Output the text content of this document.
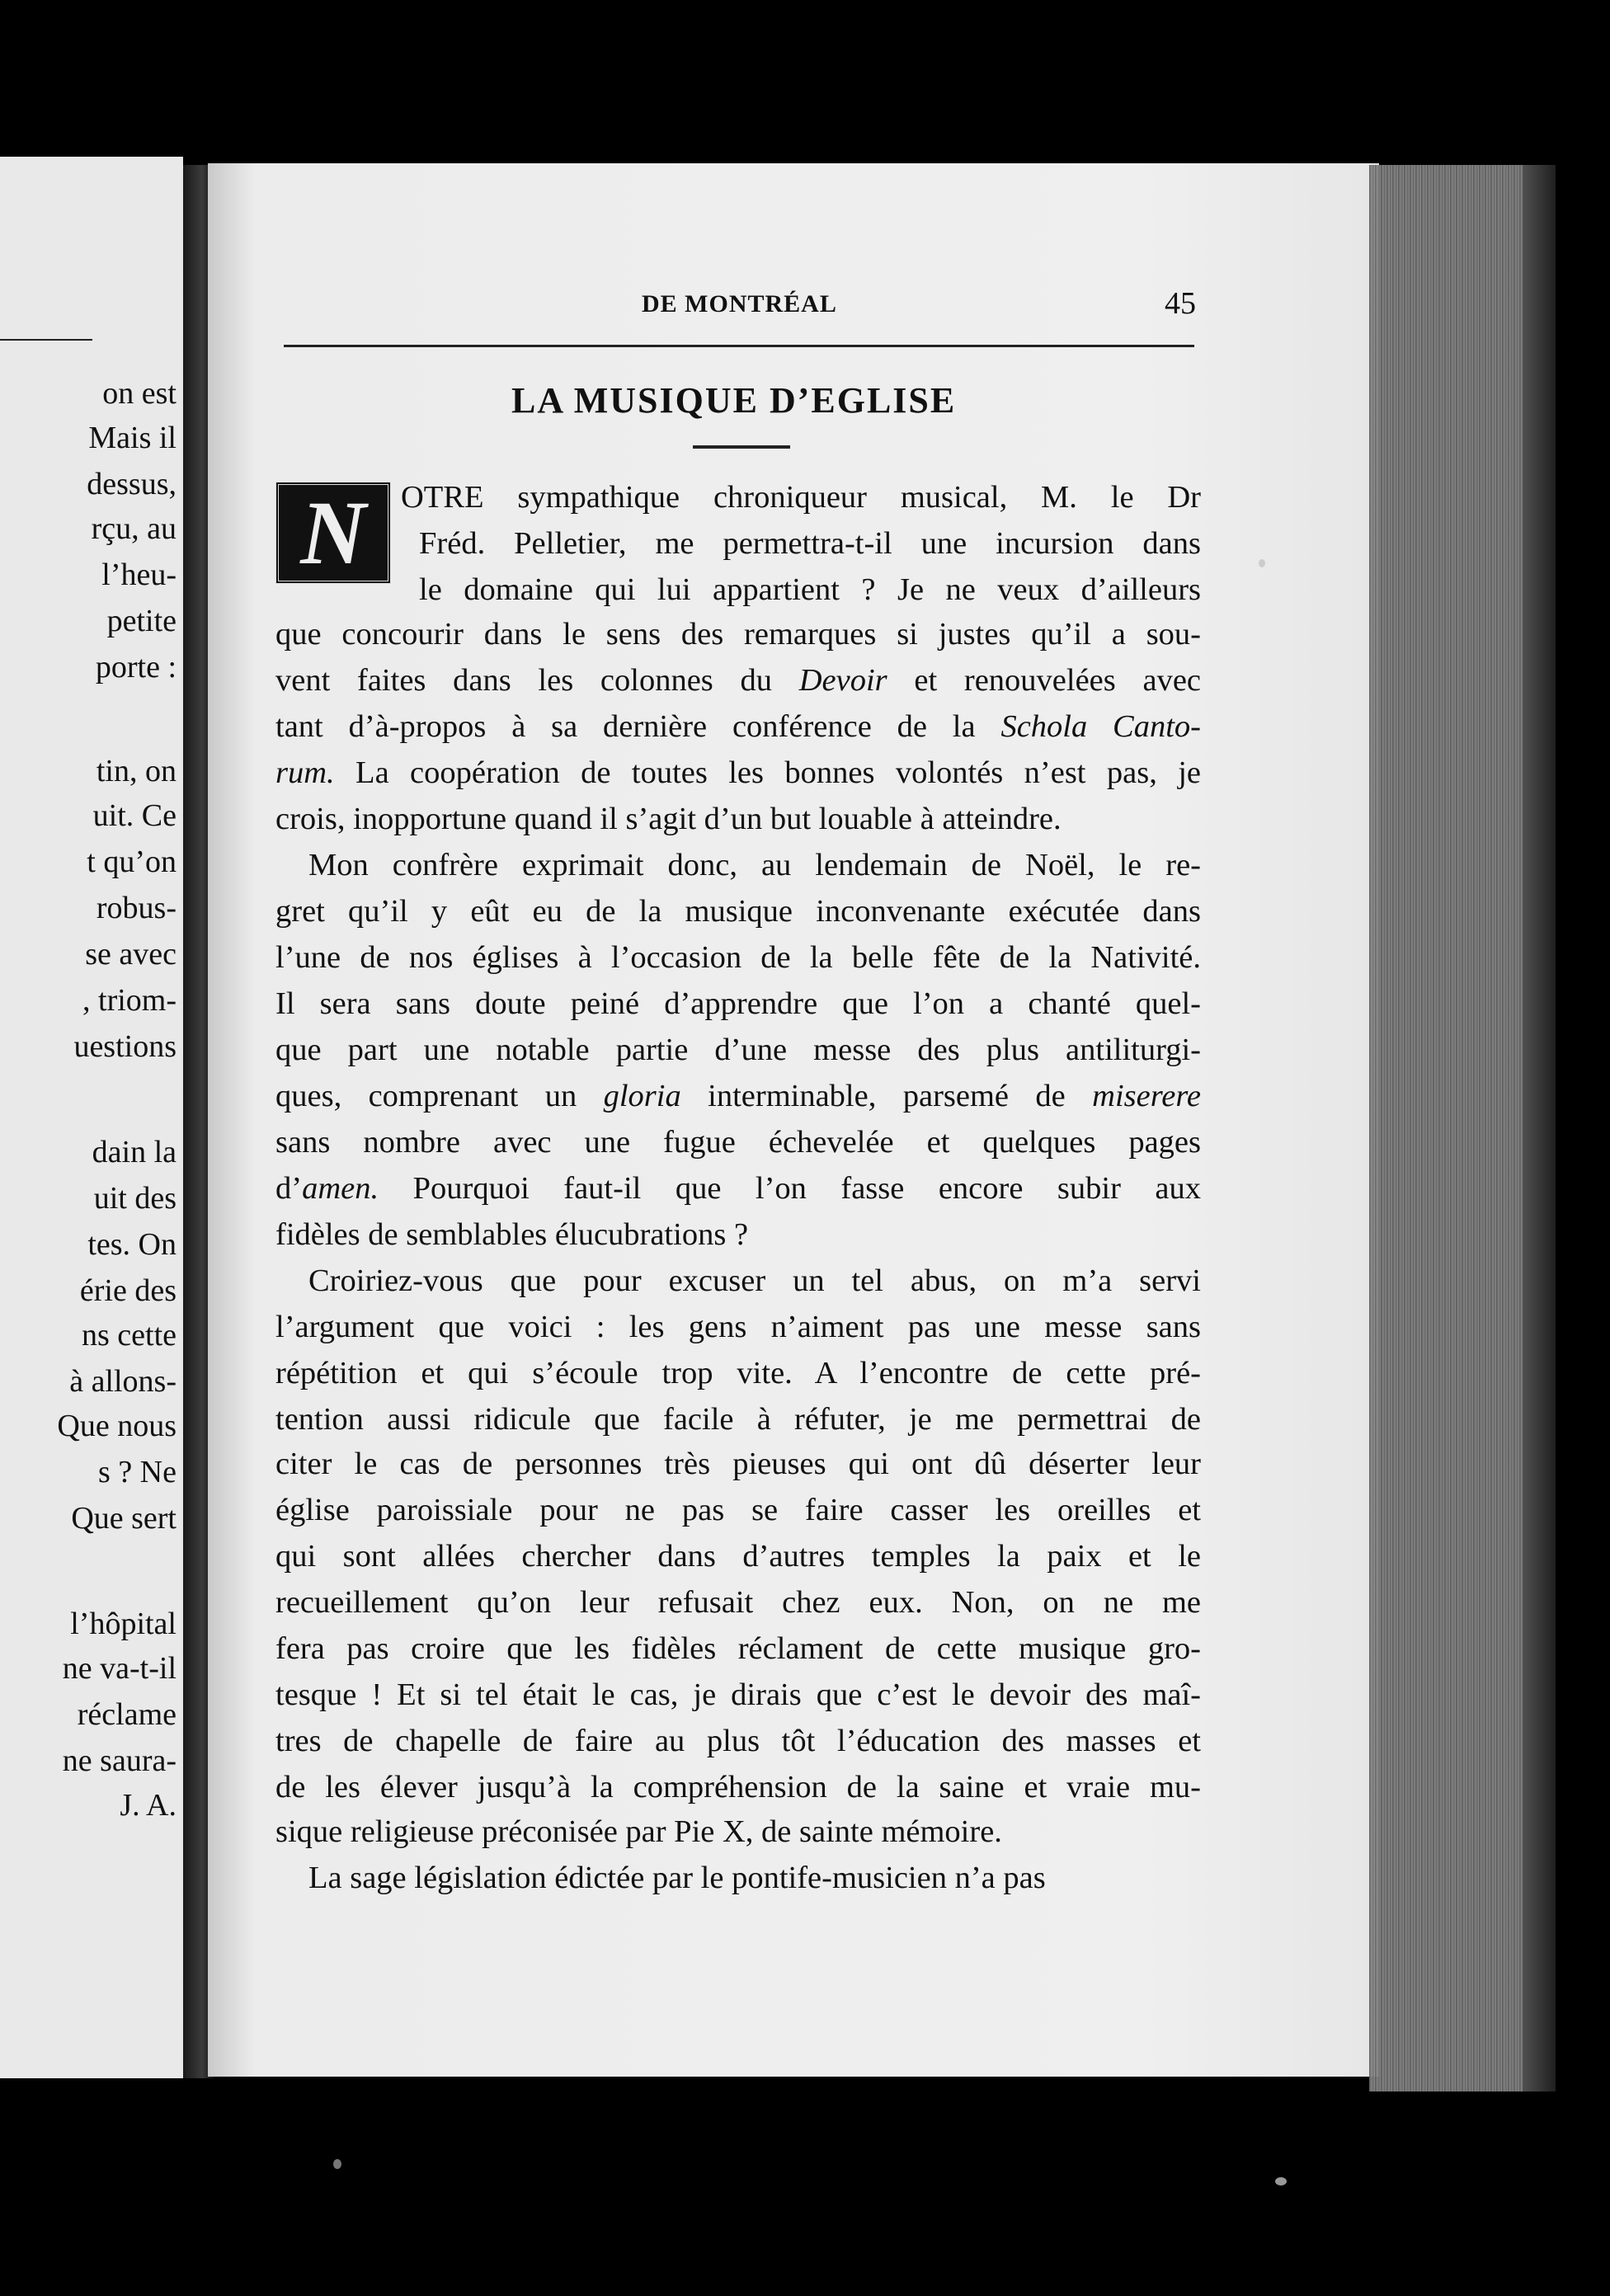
on est
Mais il
dessus,
rçu, au
l’heu-
petite
porte :
tin, on
uit. Ce
t qu’on
robus-
se avec
, triom-
uestions
dain la
uit des
tes. On
érie des
ns cette
à allons-
Que nous
s ? Ne
Que sert
l’hôpital
ne va-t-il
réclame
ne saura-
J. A.
DE MONTRÉAL	45
LA MUSIQUE D’EGLISE
N	OTRE sympathique chroniqueur musical, M. le Dr
Fréd. Pelletier, me permettra-t-il une incursion dans
le domaine qui lui appartient ? Je ne veux d’ailleurs
que concourir dans le sens des remarques si justes qu’il a sou-
vent faites dans les colonnes du Devoir et renouvelées avec
tant d’à-propos à sa dernière conférence de la Schola Canto-
rum. La coopération de toutes les bonnes volontés n’est pas, je
crois, inopportune quand il s’agit d’un but louable à atteindre.
Mon confrère exprimait donc, au lendemain de Noël, le re-
gret qu’il y eût eu de la musique inconvenante exécutée dans
l’une de nos églises à l’occasion de la belle fête de la Nativité.
Il sera sans doute peiné d’apprendre que l’on a chanté quel-
que part une notable partie d’une messe des plus antiliturgi-
ques, comprenant un gloria interminable, parsemé de miserere
sans nombre avec une fugue échevelée et quelques pages
d’amen. Pourquoi faut-il que l’on fasse encore subir aux
fidèles de semblables élucubrations ?
Croiriez-vous que pour excuser un tel abus, on m’a servi
l’argument que voici : les gens n’aiment pas une messe sans
répétition et qui s’écoule trop vite. A l’encontre de cette pré-
tention aussi ridicule que facile à réfuter, je me permettrai de
citer le cas de personnes très pieuses qui ont dû déserter leur
église paroissiale pour ne pas se faire casser les oreilles et
qui sont allées chercher dans d’autres temples la paix et le
recueillement qu’on leur refusait chez eux. Non, on ne me
fera pas croire que les fidèles réclament de cette musique gro-
tesque ! Et si tel était le cas, je dirais que c’est le devoir des maî-
tres de chapelle de faire au plus tôt l’éducation des masses et
de les élever jusqu’à la compréhension de la saine et vraie mu-
sique religieuse préconisée par Pie X, de sainte mémoire.
La sage législation édictée par le pontife-musicien n’a pas
